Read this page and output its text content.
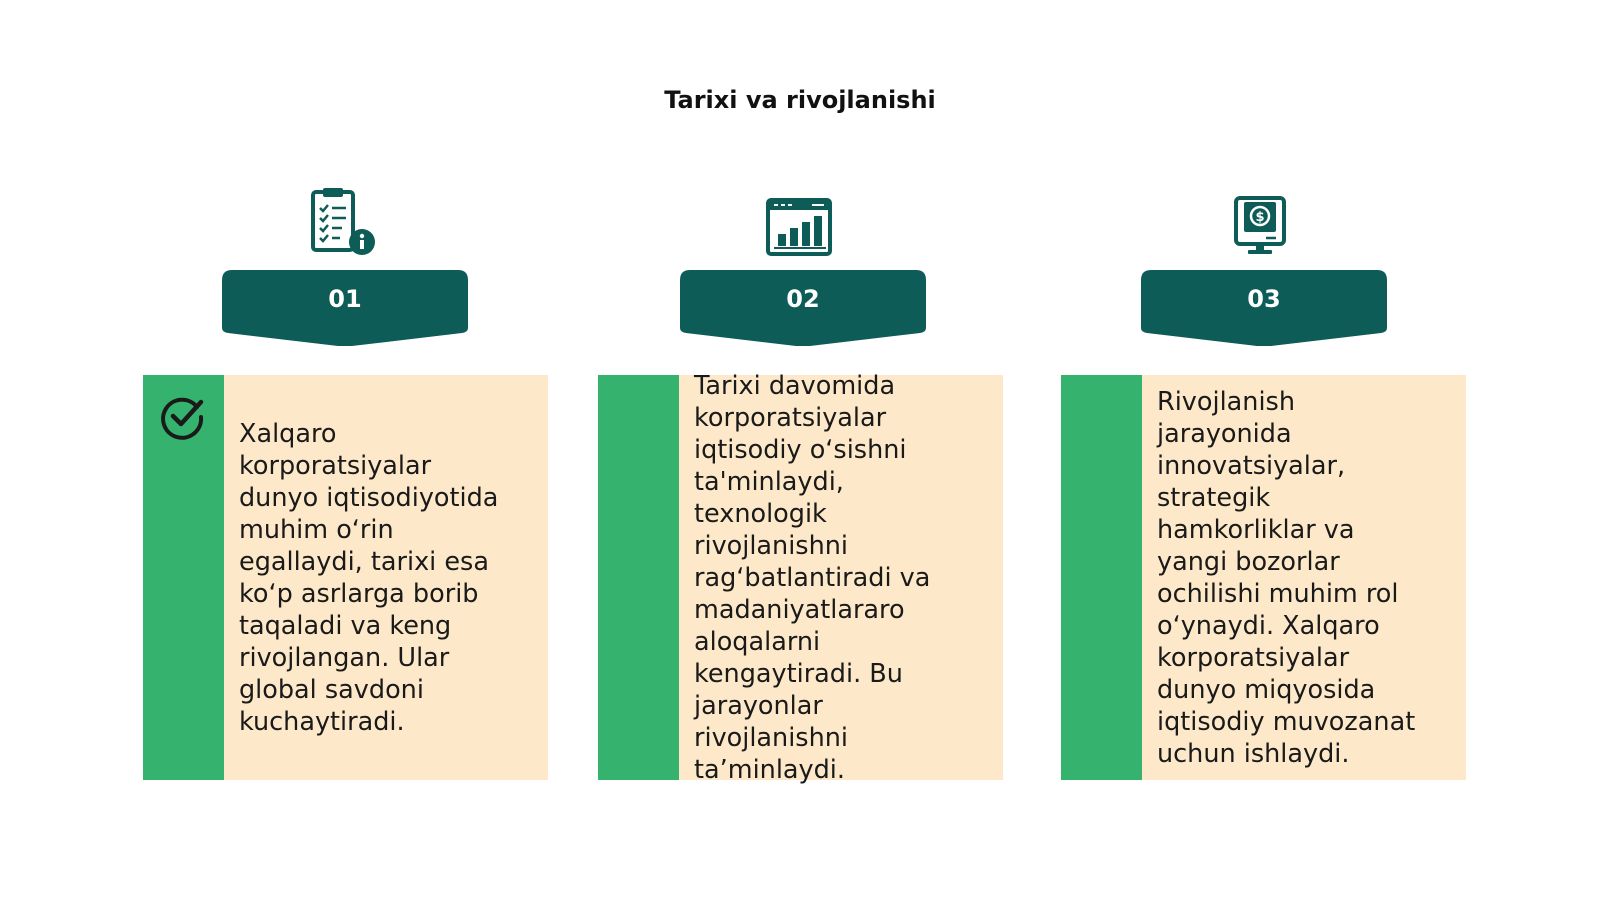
Tarixi va rivojlanishi
01
Xalqaro
korporatsiyalar
dunyo iqtisodiyotida
muhim oʻrin
egallaydi, tarixi esa
koʻp asrlarga borib
taqaladi va keng
rivojlangan. Ular
global savdoni
kuchaytiradi.
02
Tarixi davomida
korporatsiyalar
iqtisodiy oʻsishni
ta'minlaydi,
texnologik
rivojlanishni
ragʻbatlantiradi va
madaniyatlararo
aloqalarni
kengaytiradi. Bu
jarayonlar
rivojlanishni
ta’minlaydi.
$
03
Rivojlanish
jarayonida
innovatsiyalar,
strategik
hamkorliklar va
yangi bozorlar
ochilishi muhim rol
oʻynaydi. Xalqaro
korporatsiyalar
dunyo miqyosida
iqtisodiy muvozanat
uchun ishlaydi.
